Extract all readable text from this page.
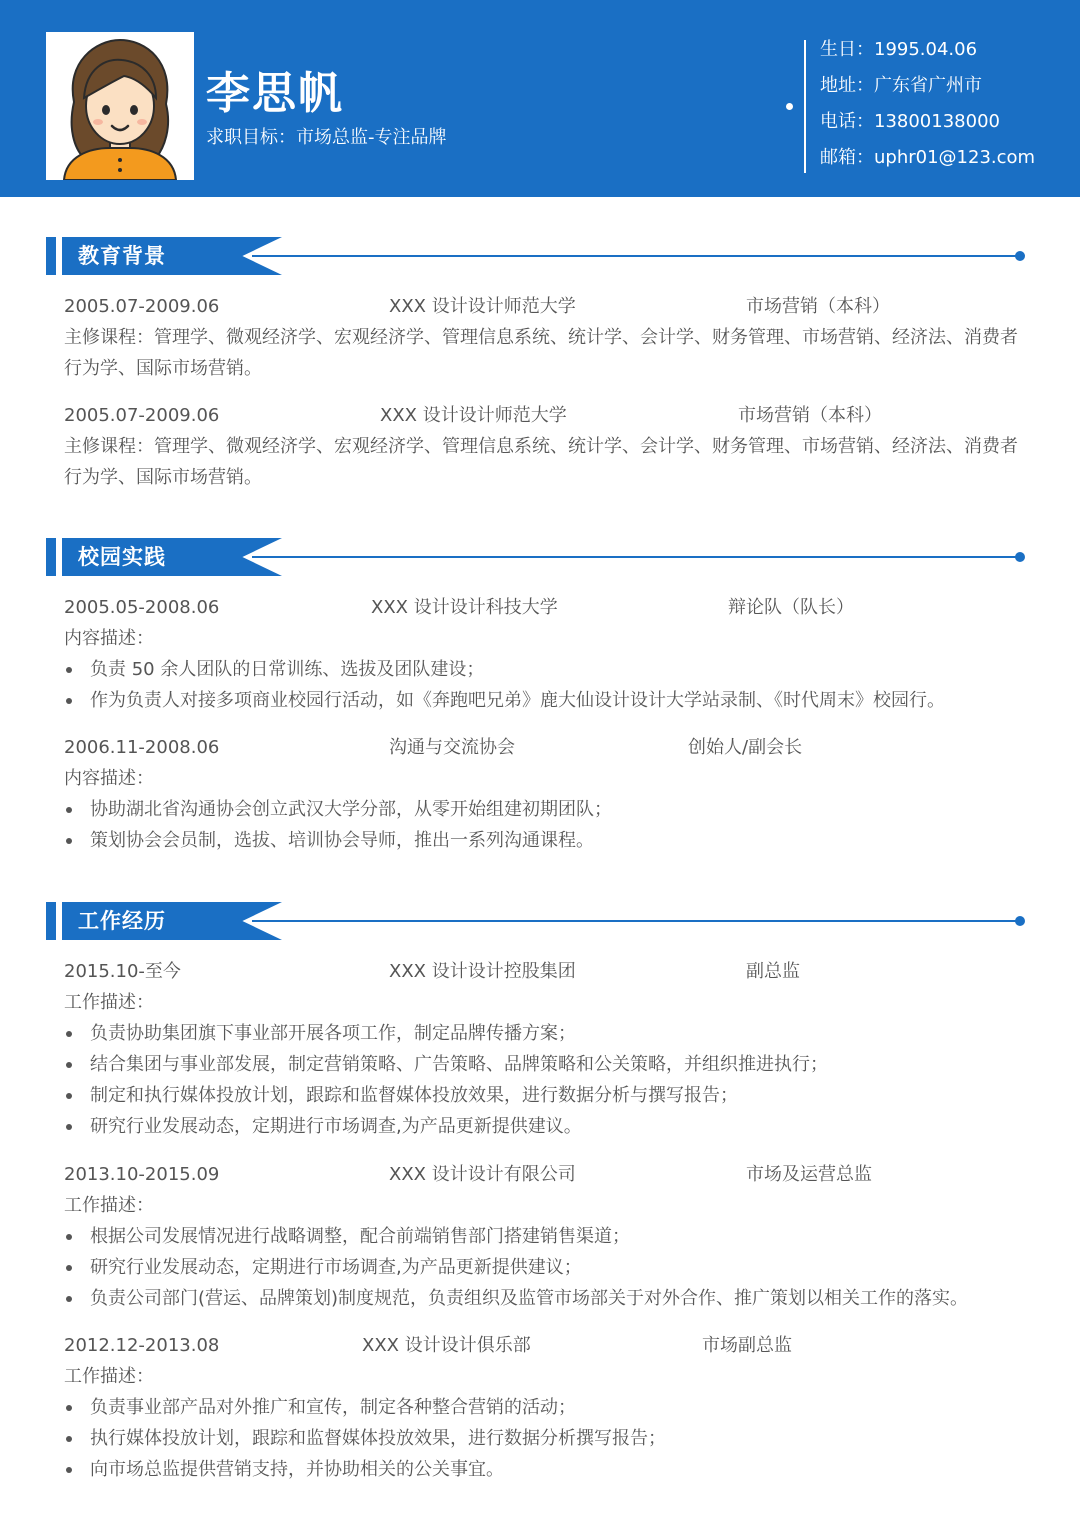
李思帆
求职目标：市场总监-专注品牌
生日：1995.04.06
地址：广东省广州市
电话：13800138000
邮箱：uphr01@123.com
教育背景
2005.07-2009.06	XXX 设计设计师范大学	市场营销（本科）
主修课程：管理学、微观经济学、宏观经济学、管理信息系统、统计学、会计学、财务管理、市场营销、经济法、消费者行为学、国际市场营销。
2005.07-2009.06	XXX 设计设计师范大学	市场营销（本科）
主修课程：管理学、微观经济学、宏观经济学、管理信息系统、统计学、会计学、财务管理、市场营销、经济法、消费者行为学、国际市场营销。
校园实践
2005.05-2008.06	XXX 设计设计科技大学	辩论队（队长）
内容描述：
负责 50 余人团队的日常训练、选拔及团队建设；
作为负责人对接多项商业校园行活动，如《奔跑吧兄弟》鹿大仙设计设计大学站录制、《时代周末》校园行。
2006.11-2008.06	沟通与交流协会	创始人/副会长
内容描述：
协助湖北省沟通协会创立武汉大学分部，从零开始组建初期团队；
策划协会会员制，选拔、培训协会导师，推出一系列沟通课程。
工作经历
2015.10-至今	XXX 设计设计控股集团	副总监
工作描述：
负责协助集团旗下事业部开展各项工作，制定品牌传播方案；
结合集团与事业部发展，制定营销策略、广告策略、品牌策略和公关策略，并组织推进执行；
制定和执行媒体投放计划，跟踪和监督媒体投放效果，进行数据分析与撰写报告；
研究行业发展动态，定期进行市场调查,为产品更新提供建议。
2013.10-2015.09	XXX 设计设计有限公司	市场及运营总监
工作描述：
根据公司发展情况进行战略调整，配合前端销售部门搭建销售渠道；
研究行业发展动态，定期进行市场调查,为产品更新提供建议；
负责公司部门(营运、品牌策划)制度规范，负责组织及监管市场部关于对外合作、推广策划以相关工作的落实。
2012.12-2013.08	XXX 设计设计俱乐部	市场副总监
工作描述：
负责事业部产品对外推广和宣传，制定各种整合营销的活动；
执行媒体投放计划，跟踪和监督媒体投放效果，进行数据分析撰写报告；
向市场总监提供营销支持，并协助相关的公关事宜。
